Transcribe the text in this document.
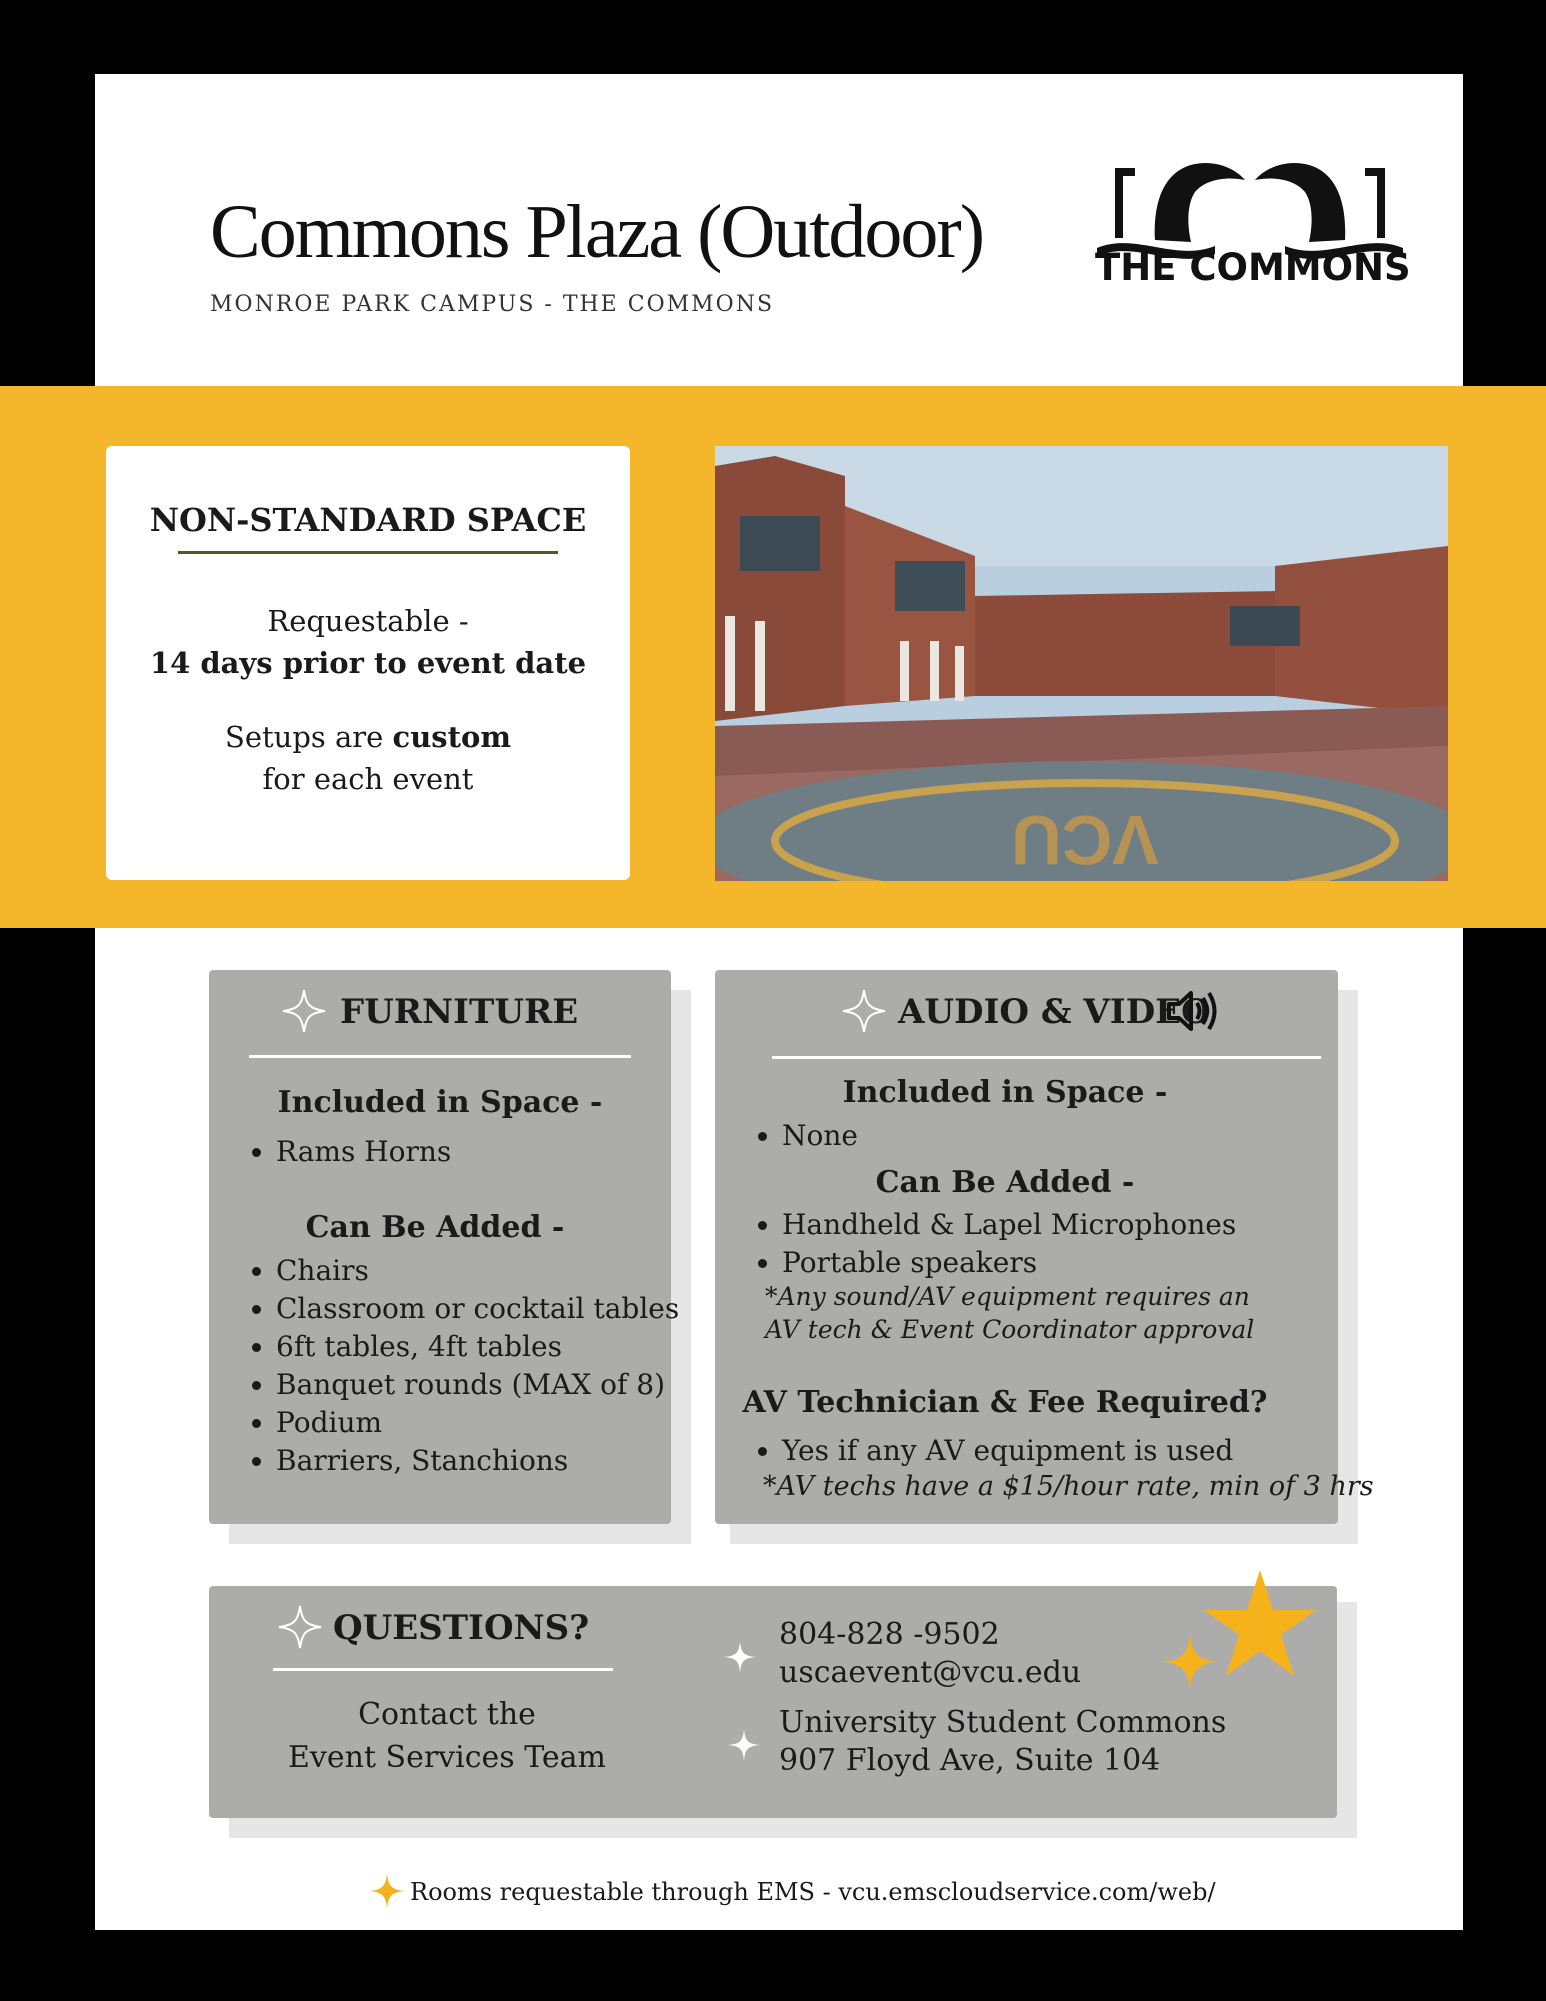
Commons Plaza (Outdoor)
MONROE PARK CAMPUS - THE COMMONS
THE COMMONS
NON-STANDARD SPACE

Requestable -

14 days prior to event date

Setups are custom

for each event

VCU
FURNITURE
Included in Space -
• Rams Horns
Can Be Added -
• Chairs
• Classroom or cocktail tables
• 6ft tables, 4ft tables
• Banquet rounds (MAX of 8)
• Podium
• Barriers, Stanchions
AUDIO & VIDEO
Included in Space -
• None
Can Be Added -
• Handheld & Lapel Microphones
• Portable speakers
*Any sound/AV equipment requires an
AV tech & Event Coordinator approval
AV Technician & Fee Required?
• Yes if any AV equipment is used
*AV techs have a $15/hour rate, min of 3 hrs
QUESTIONS?
Contact the
Event Services Team
804-828 -9502
uscaevent@vcu.edu
University Student Commons
907 Floyd Ave, Suite 104
Rooms requestable through EMS - vcu.emscloudservice.com/web/
